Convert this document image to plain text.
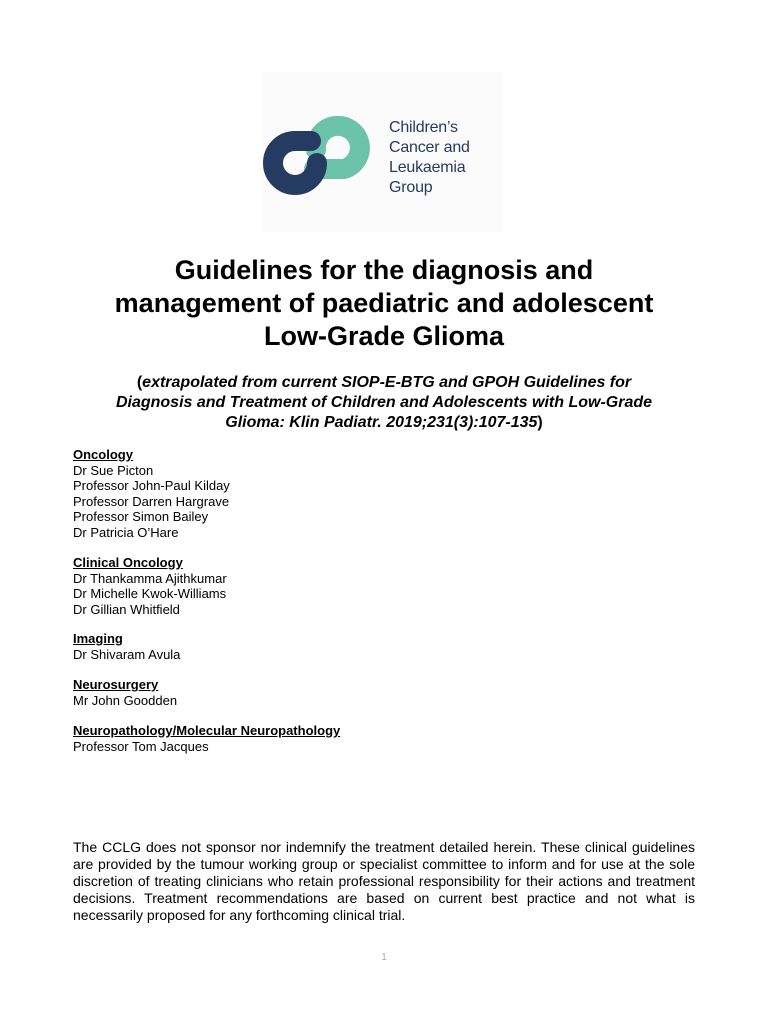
Children’s
Cancer and
Leukaemia
Group
Guidelines for the diagnosis and
management of paediatric and adolescent
Low-Grade Glioma
(extrapolated from current SIOP-E-BTG and GPOH Guidelines for
Diagnosis and Treatment of Children and Adolescents with Low-Grade
Glioma: Klin Padiatr. 2019;231(3):107-135)
Oncology
Dr Sue Picton
Professor John-Paul Kilday
Professor Darren Hargrave
Professor Simon Bailey
Dr Patricia O’Hare
Clinical Oncology
Dr Thankamma Ajithkumar
Dr Michelle Kwok-Williams
Dr Gillian Whitfield
Imaging
Dr Shivaram Avula
Neurosurgery
Mr John Goodden
Neuropathology/Molecular Neuropathology
Professor Tom Jacques
The CCLG does not sponsor nor indemnify the treatment detailed herein. These clinical guidelines are provided by the tumour working group or specialist committee to inform and for use at the sole discretion of treating clinicians who retain professional responsibility for their actions and treatment decisions. Treatment recommendations are based on current best practice and not what is necessarily proposed for any forthcoming clinical trial.
1
